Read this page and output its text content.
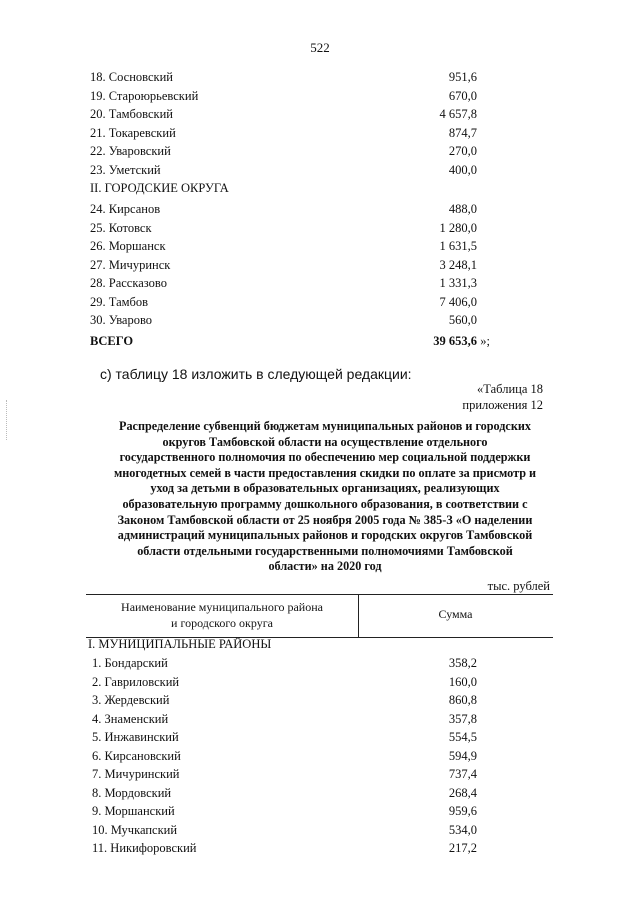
522
18. Сосновский	951,6
19. Староюрьевский	670,0
20. Тамбовский	4 657,8
21. Токаревский	874,7
22. Уваровский	270,0
23. Уметский	400,0
II. ГОРОДСКИЕ ОКРУГА
24. Кирсанов	488,0
25. Котовск	1 280,0
26. Моршанск	1 631,5
27. Мичуринск	3 248,1
28. Рассказово	1 331,3
29. Тамбов	7 406,0
30. Уварово	560,0
ВСЕГО	39 653,6 »;
с) таблицу 18 изложить в следующей редакции:
«Таблица 18
приложения 12
Распределение субвенций бюджетам муниципальных районов и городских
округов Тамбовской области на осуществление отдельного
государственного полномочия по обеспечению мер социальной поддержки
многодетных семей в части предоставления скидки по оплате за присмотр и
уход за детьми в образовательных организациях, реализующих
образовательную программу дошкольного образования, в соответствии с
Законом Тамбовской области от 25 ноября 2005 года № 385-З «О наделении
администраций муниципальных районов и городских округов Тамбовской
области отдельными государственными полномочиями Тамбовской
области» на 2020 год
тыс. рублей
Наименование муниципального района
и городского округа
Сумма
I. МУНИЦИПАЛЬНЫЕ РАЙОНЫ
1. Бондарский	358,2
2. Гавриловский	160,0
3. Жердевский	860,8
4. Знаменский	357,8
5. Инжавинский	554,5
6. Кирсановский	594,9
7. Мичуринский	737,4
8. Мордовский	268,4
9. Моршанский	959,6
10. Мучкапский	534,0
11. Никифоровский	217,2
